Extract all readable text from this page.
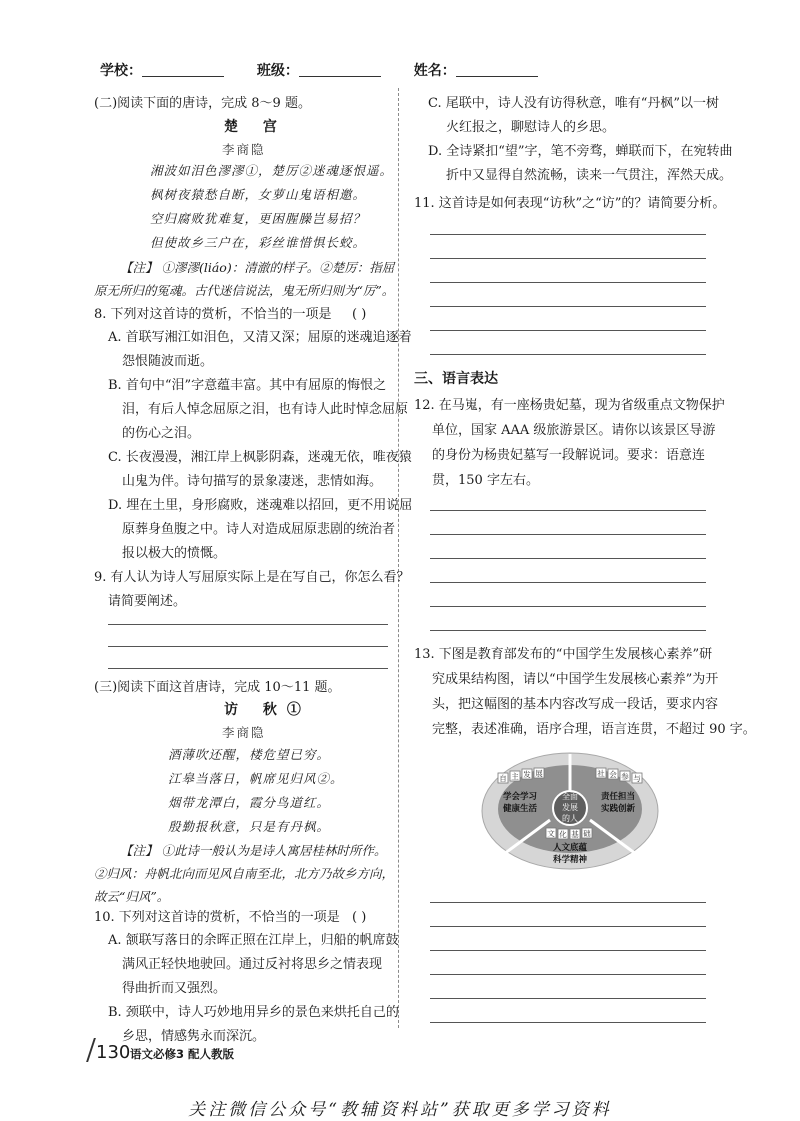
学校：	班级：	姓名：
(二)阅读下面的唐诗，完成 8～9 题。
楚 宫
李商隐
湘波如泪色漻漻①，楚厉②迷魂逐恨遥。
枫树夜猿愁自断，女萝山鬼语相邀。
空归腐败犹难复，更困腥臊岂易招？
但使故乡三户在，彩丝谁惜惧长蛟。
【注】 ①漻漻(liáo)：清澈的样子。②楚厉：指屈
原无所归的冤魂。古代迷信说法，鬼无所归则为“厉”。
8. 下列对这首诗的赏析，不恰当的一项是 ( )
A. 首联写湘江如泪色，又清又深；屈原的迷魂追逐着
怨恨随波而逝。
B. 首句中“泪”字意蕴丰富。其中有屈原的悔恨之
泪，有后人悼念屈原之泪，也有诗人此时悼念屈原
的伤心之泪。
C. 长夜漫漫，湘江岸上枫影阴森，迷魂无依，唯夜猿
山鬼为伴。诗句描写的景象凄迷，悲情如海。
D. 埋在土里，身形腐败，迷魂难以招回，更不用说屈
原葬身鱼腹之中。诗人对造成屈原悲剧的统治者
报以极大的愤慨。
9. 有人认为诗人写屈原实际上是在写自己，你怎么看？
请简要阐述。
(三)阅读下面这首唐诗，完成 10～11 题。
访 秋①
李商隐
酒薄吹还醒，楼危望已穷。
江皋当落日，帆席见归风②。
烟带龙潭白，霞分鸟道红。
殷勤报秋意，只是有丹枫。
【注】 ①此诗一般认为是诗人寓居桂林时所作。
②归风：舟帆北向而见风自南至北，北方乃故乡方向，
故云“归风”。
10. 下列对这首诗的赏析，不恰当的一项是 ( )
A. 颔联写落日的余晖正照在江岸上，归船的帆席鼓
满风正轻快地驶回。通过反衬将思乡之情表现
得曲折而又强烈。
B. 颈联中，诗人巧妙地用异乡的景色来烘托自己的
乡思，情感隽永而深沉。
C. 尾联中，诗人没有访得秋意，唯有“丹枫”以一树
火红报之，聊慰诗人的乡思。
D. 全诗紧扣“望”字，笔不旁骛，蝉联而下，在宛转曲
折中又显得自然流畅，读来一气贯注，浑然天成。
11. 这首诗是如何表现“访秋”之“访”的？请简要分析。
三、语言表达
12. 在马嵬，有一座杨贵妃墓，现为省级重点文物保护
单位，国家 AAA 级旅游景区。请你以该景区导游
的身份为杨贵妃墓写一段解说词。要求：语意连
贯，150 字左右。
13. 下图是教育部发布的“中国学生发展核心素养”研
究成果结构图，请以“中国学生发展核心素养”为开
头，把这幅图的基本内容改写成一段话，要求内容
完整，表述准确，语序合理，语言连贯，不超过 90 字。
全面
发展
的人
自 主 发 展	社 会 参 与
文 化 基 础
学会学习
健康生活
责任担当
实践创新
人文底蕴
科学精神
130 语文必修3 配人教版
关注微信公众号“教辅资料站”获取更多学习资料
